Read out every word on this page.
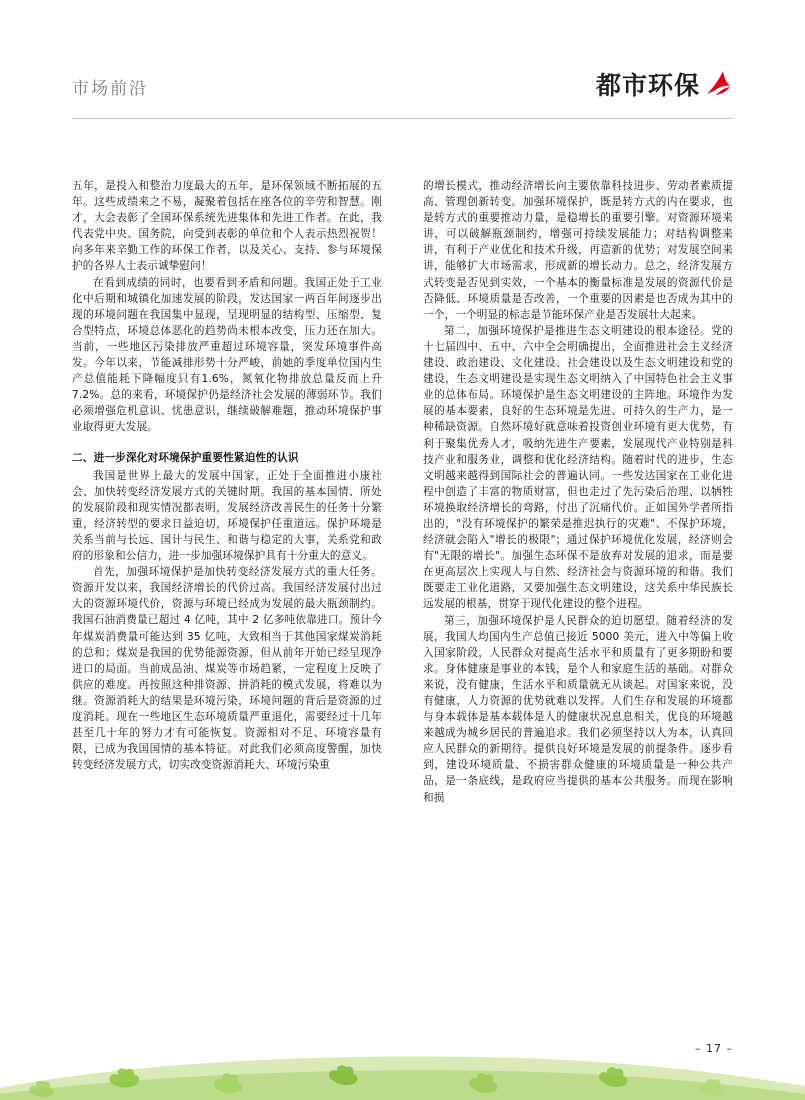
市场前沿	都市环保

五年，是投入和整治力度最大的五年，是环保领域不断拓展的五年。这些成绩来之不易，凝聚着包括在座各位的辛劳和智慧。刚才，大会表彰了全国环保系统先进集体和先进工作者。在此，我代表党中央、国务院，向受到表彰的单位和个人表示热烈祝贺！ 向多年来辛勤工作的环保工作者，以及关心、支持、参与环境保护的各界人士表示诚挚慰问！

在看到成绩的同时，也要看到矛盾和问题。我国正处于工业化中后期和城镇化加速发展的阶段，发达国家一两百年间逐步出现的环境问题在我国集中显现，呈现明显的结构型、压缩型、复合型特点，环境总体恶化的趋势尚未根本改变，压力还在加大。当前，一些地区污染排放严重超过环境容量，突发环境事件高发。今年以来，节能减排形势十分严峻，前她的季度单位国内生产总值能耗下降幅度只有1.6%，氮氧化物排放总量反而上升 7.2%。总的来看，环境保护仍是经济社会发展的薄弱环节。我们必须增强危机意识、忧患意识，继续破解难题，推动环境保护事业取得更大发展。

二、进一步深化对环境保护重要性紧迫性的认识

我国是世界上最大的发展中国家，正处于全面推进小康社会、加快转变经济发展方式的关键时期。我国的基本国情、所处的发展阶段和现实情况都表明，发展经济改善民生的任务十分繁重，经济转型的要求日益迫切，环境保护任重道远。保护环境是关系当前与长远、国计与民生、和谐与稳定的大事，关系党和政府的形象和公信力，进一步加强环境保护具有十分重大的意义。

首先，加强环境保护是加快转变经济发展方式的重大任务。资源开发以来，我国经济增长的代价过高。我国经济发展付出过大的资源环境代价，资源与环境已经成为发展的最大瓶颈制约。我国石油消费量已超过 4 亿吨，其中 2 亿多吨依靠进口。预计今年煤炭消费量可能达到 35 亿吨，大致相当于其他国家煤炭消耗的总和；煤炭是我国的优势能源资源，但从前年开始已经呈现净进口的局面。当前成品油、煤炭等市场趋紧，一定程度上反映了供应的难度。再按照这种排资源、拼消耗的模式发展，将难以为继。资源消耗大的结果是环境污染，环境问题的背后是资源的过度消耗。现在一些地区生态环境质量严重退化，需要经过十几年甚至几十年的努力才有可能恢复。资源相对不足、环境容量有限，已成为我国国情的基本特征。对此我们必须高度警醒，加快转变经济发展方式，切实改变资源消耗大、环境污染重

的增长模式，推动经济增长向主要依靠科技进步、劳动者素质提高、管理创新转变。加强环境保护，既是转方式的内在要求，也是转方式的重要推动力量，是稳增长的重要引擎。对资源环境来讲，可以破解瓶颈制约，增强可持续发展能力；对结构调整来讲，有利于产业优化和技术升级，再造新的优势；对发展空间来讲，能够扩大市场需求，形成新的增长动力。总之，经济发展方式转变是否见到实效，一个基本的衡量标准是发展的资源代价是否降低、环境质量是否改善，一个重要的因素是也否成为其中的一个，一个明显的标志是节能环保产业是否发展壮大起来。

第二，加强环境保护是推进生态文明建设的根本途径。党的十七届四中、五中、六中全会明确提出，全面推进社会主义经济建设、政治建设、文化建设、社会建设以及生态文明建设和党的建设，生态文明建设是实现生态文明纳入了中国特色社会主义事业的总体布局。环境保护是生态文明建设的主阵地。环境作为发展的基本要素，良好的生态环境是先进、可持久的生产力，是一种稀缺资源。自然环境好就意味着投资创业环境有更大优势，有利于聚集优秀人才，吸纳先进生产要素，发展现代产业特别是科技产业和服务业，调整和优化经济结构。随着时代的进步，生态文明越来越得到国际社会的普遍认同。一些发达国家在工业化进程中创造了丰富的物质财富，但也走过了先污染后治理、以牺牲环境换取经济增长的弯路，付出了沉痛代价。正如国外学者所指出的，"没有环境保护的繁荣是推迟执行的灾难"、不保护环境，经济就会陷入"增长的极限"；通过保护环境优化发展，经济则会有"无限的增长"。加强生态环保不是放弃对发展的追求，而是要在更高层次上实现人与自然、经济社会与资源环境的和谐。我们既要走工业化道路，又要加强生态文明建设，这关系中华民族长远发展的根基，贯穿于现代化建设的整个进程。

第三，加强环境保护是人民群众的迫切愿望。随着经济的发展，我国人均国内生产总值已接近 5000 美元，进入中等偏上收入国家阶段，人民群众对提高生活水平和质量有了更多期盼和要求。身体健康是事业的本钱，是个人和家庭生活的基础。对群众来说，没有健康，生活水平和质量就无从谈起。对国家来说，没有健康，人力资源的优势就难以发挥。人们生存和发展的环境都与身本载体是基本载体是人的健康状况息息相关，优良的环境越来越成为城乡居民的普遍追求。我们必须坚持以人为本，认真回应人民群众的新期待。提供良好环境是发展的前提条件。逐步看到，建设环境质量、不损害群众健康的环境质量是一种公共产品，是一条底线，是政府应当提供的基本公共服务。而现在影响和损

– 17 –
